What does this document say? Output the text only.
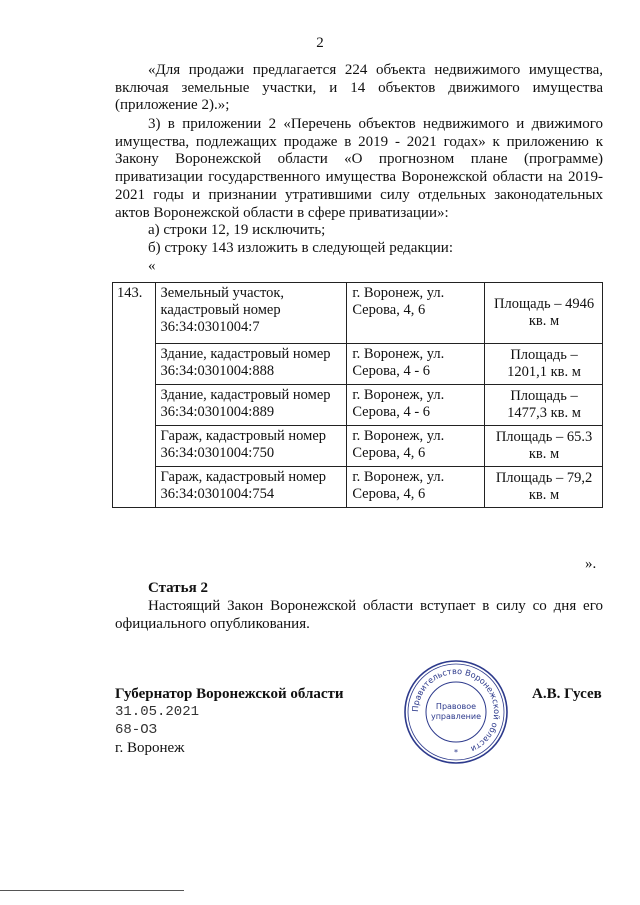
2
«Для продажи предлагается 224 объекта недвижимого имущества, включая земельные участки, и 14 объектов движимого имущества (приложение 2).»;
3) в приложении 2 «Перечень объектов недвижимого и движимого имущества, подлежащих продаже в 2019 - 2021 годах» к приложению к Закону Воронежской области «О прогнозном плане (программе) приватизации государственного имущества Воронежской области на 2019-2021 годы и признании утратившими силу отдельных законодательных актов Воронежской области в сфере приватизации»:
а) строки 12, 19 исключить;
б) строку 143 изложить в следующей редакции:
«
143.	Земельный участок, кадастровый номер 36:34:0301004:7	г. Воронеж, ул. Серова, 4, 6	Площадь – 4946 кв. м
	Здание, кадастровый номер 36:34:0301004:888	г. Воронеж, ул. Серова, 4 - 6	Площадь – 1201,1 кв. м
	Здание, кадастровый номер 36:34:0301004:889	г. Воронеж, ул. Серова, 4 - 6	Площадь – 1477,3 кв. м
	Гараж, кадастровый номер 36:34:0301004:750	г. Воронеж, ул. Серова, 4, 6	Площадь – 65.3 кв. м
	Гараж, кадастровый номер 36:34:0301004:754	г. Воронеж, ул. Серова, 4, 6	Площадь – 79,2 кв. м
».
Статья 2
Настоящий Закон Воронежской области вступает в силу со дня его официального опубликования.
Губернатор Воронежской области
31.05.2021
68-ОЗ
г. Воронеж
А.В. Гусев
Правительство Воронежской области
Правовое
управление
*
